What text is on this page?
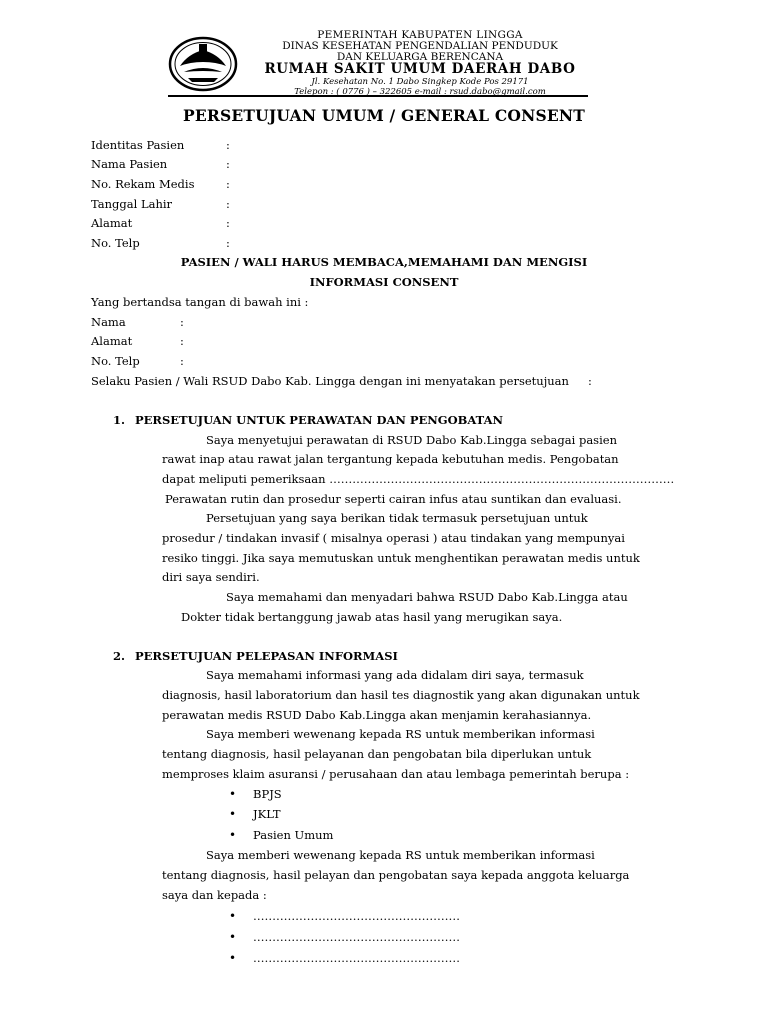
PEMERINTAH KABUPATEN LINGGA
DINAS KESEHATAN PENGENDALIAN PENDUDUK
DAN KELUARGA BERENCANA
RUMAH SAKIT UMUM DAERAH DABO
Jl. Kesehatan No. 1 Dabo Singkep Kode Pos 29171
Telepon : ( 0776 ) – 322605 e-mail : rsud.dabo@gmail.com
PERSETUJUAN UMUM / GENERAL CONSENT
Identitas Pasien	:
Nama Pasien	:
No. Rekam Medis	:
Tanggal Lahir	:
Alamat	:
No. Telp	:
PASIEN / WALI HARUS MEMBACA,MEMAHAMI DAN MENGISI
INFORMASI CONSENT
Yang bertandsa tangan di bawah ini :
Nama	:
Alamat	:
No. Telp	:
Selaku Pasien / Wali RSUD Dabo Kab. Lingga dengan ini menyatakan persetujuan :
1. PERSETUJUAN UNTUK PERAWATAN DAN PENGOBATAN
Saya menyetujui perawatan di RSUD Dabo Kab.Lingga sebagai pasien
rawat inap atau rawat jalan tergantung kepada kebutuhan medis. Pengobatan
dapat meliputi pemeriksaan ………………………………………………………………………………
Perawatan rutin dan prosedur seperti cairan infus atau suntikan dan evaluasi.
Persetujuan yang saya berikan tidak termasuk persetujuan untuk
prosedur / tindakan invasif ( misalnya operasi ) atau tindakan yang mempunyai
resiko tinggi. Jika saya memutuskan untuk menghentikan perawatan medis untuk
diri saya sendiri.
Saya memahami dan menyadari bahwa RSUD Dabo Kab.Lingga atau
Dokter tidak bertanggung jawab atas hasil yang merugikan saya.
2. PERSETUJUAN PELEPASAN INFORMASI
Saya memahami informasi yang ada didalam diri saya, termasuk
diagnosis, hasil laboratorium dan hasil tes diagnostik yang akan digunakan untuk
perawatan medis RSUD Dabo Kab.Lingga akan menjamin kerahasiannya.
Saya memberi wewenang kepada RS untuk memberikan informasi
tentang diagnosis, hasil pelayanan dan pengobatan bila diperlukan untuk
memproses klaim asuransi / perusahaan dan atau lembaga pemerintah berupa :
• BPJS
• JKLT
• Pasien Umum
Saya memberi wewenang kepada RS untuk memberikan informasi
tentang diagnosis, hasil pelayan dan pengobatan saya kepada anggota keluarga
saya dan kepada :
• ………………………………………………
• ………………………………………………
• ………………………………………………
